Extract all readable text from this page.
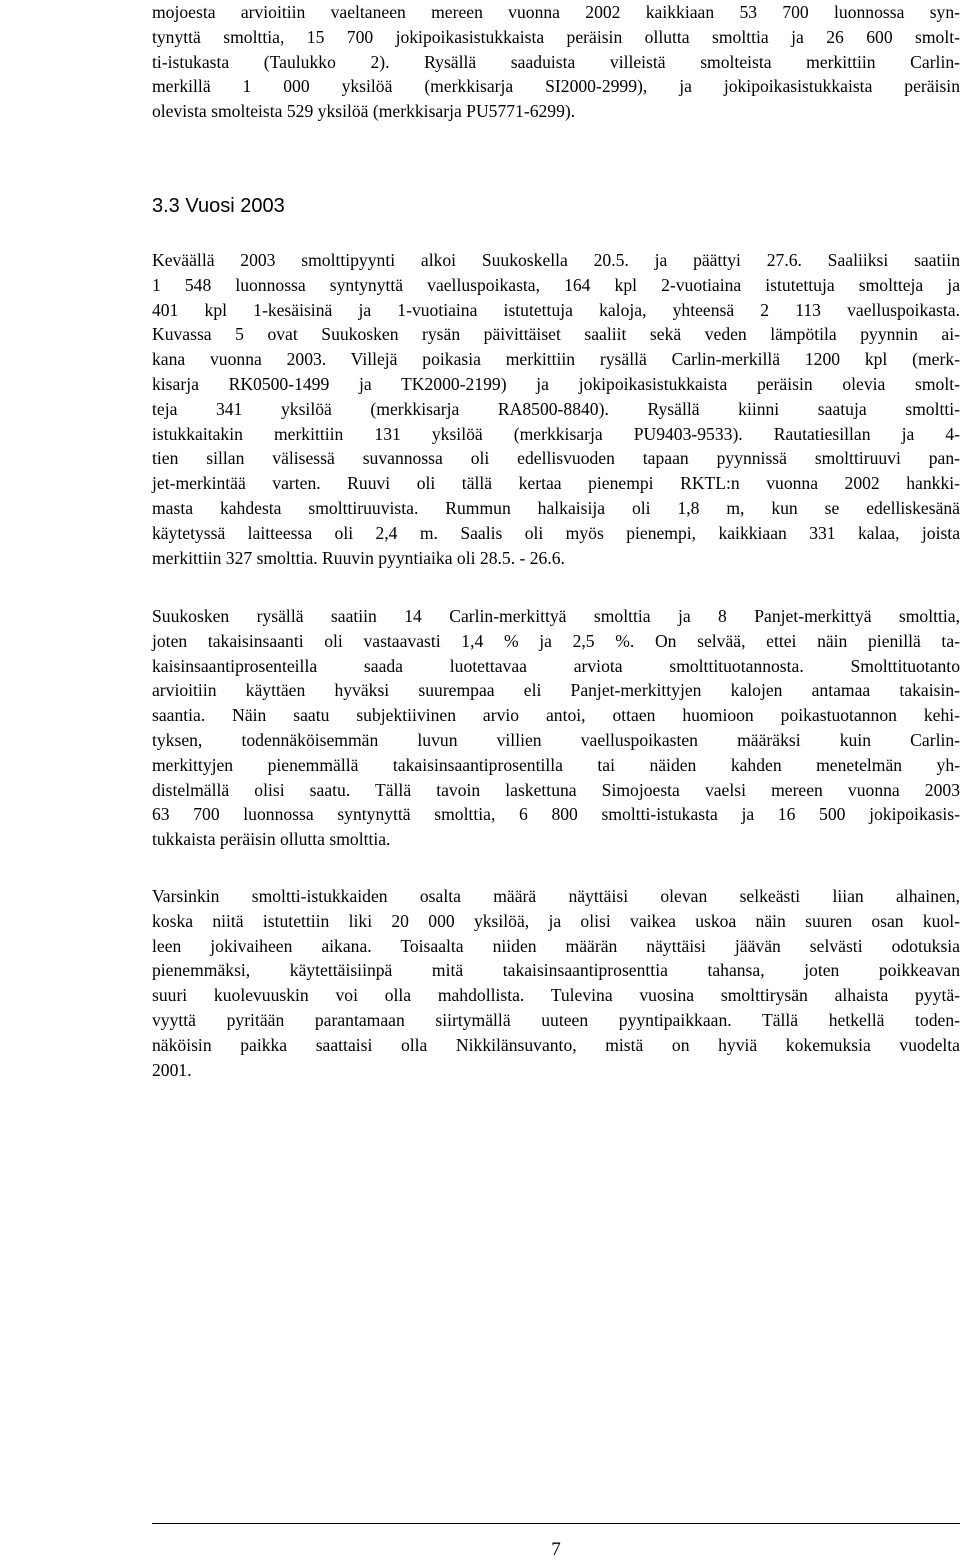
mojoesta arvioitiin vaeltaneen mereen vuonna 2002 kaikkiaan 53 700 luonnossa syn-
tynyttä smolttia, 15 700 jokipoikasistukkaista peräisin ollutta smolttia ja 26 600 smolt-
ti-istukasta (Taulukko 2). Rysällä saaduista villeistä smolteista merkittiin Carlin-
merkillä 1 000 yksilöä (merkkisarja SI2000-2999), ja jokipoikasistukkaista peräisin
olevista smolteista 529 yksilöä (merkkisarja PU5771-6299).
3.3 Vuosi 2003
Keväällä 2003 smolttipyynti alkoi Suukoskella 20.5. ja päättyi 27.6. Saaliiksi saatiin
1 548 luonnossa syntynyttä vaelluspoikasta, 164 kpl 2-vuotiaina istutettuja smoltteja ja
401 kpl 1-kesäisinä ja 1-vuotiaina istutettuja kaloja, yhteensä 2 113 vaelluspoikasta.
Kuvassa 5 ovat Suukosken rysän päivittäiset saaliit sekä veden lämpötila pyynnin ai-
kana vuonna 2003. Villejä poikasia merkittiin rysällä Carlin-merkillä 1200 kpl (merk-
kisarja RK0500-1499 ja TK2000-2199) ja jokipoikasistukkaista peräisin olevia smolt-
teja 341 yksilöä (merkkisarja RA8500-8840). Rysällä kiinni saatuja smoltti-
istukkaitakin merkittiin 131 yksilöä (merkkisarja PU9403-9533). Rautatiesillan ja 4-
tien sillan välisessä suvannossa oli edellisvuoden tapaan pyynnissä smolttiruuvi pan-
jet-merkintää varten. Ruuvi oli tällä kertaa pienempi RKTL:n vuonna 2002 hankki-
masta kahdesta smolttiruuvista. Rummun halkaisija oli 1,8 m, kun se edelliskesänä
käytetyssä laitteessa oli 2,4 m. Saalis oli myös pienempi, kaikkiaan 331 kalaa, joista
merkittiin 327 smolttia. Ruuvin pyyntiaika oli 28.5. - 26.6.
Suukosken rysällä saatiin 14 Carlin-merkittyä smolttia ja 8 Panjet-merkittyä smolttia,
joten takaisinsaanti oli vastaavasti 1,4 % ja 2,5 %. On selvää, ettei näin pienillä ta-
kaisinsaantiprosenteilla saada luotettavaa arviota smolttituotannosta. Smolttituotanto
arvioitiin käyttäen hyväksi suurempaa eli Panjet-merkittyjen kalojen antamaa takaisin-
saantia. Näin saatu subjektiivinen arvio antoi, ottaen huomioon poikastuotannon kehi-
tyksen, todennäköisemmän luvun villien vaelluspoikasten määräksi kuin Carlin-
merkittyjen pienemmällä takaisinsaantiprosentilla tai näiden kahden menetelmän yh-
distelmällä olisi saatu. Tällä tavoin laskettuna Simojoesta vaelsi mereen vuonna 2003
63 700 luonnossa syntynyttä smolttia, 6 800 smoltti-istukasta ja 16 500 jokipoikasis-
tukkaista peräisin ollutta smolttia.
Varsinkin smoltti-istukkaiden osalta määrä näyttäisi olevan selkeästi liian alhainen,
koska niitä istutettiin liki 20 000 yksilöä, ja olisi vaikea uskoa näin suuren osan kuol-
leen jokivaiheen aikana. Toisaalta niiden määrän näyttäisi jäävän selvästi odotuksia
pienemmäksi, käytettäisiinpä mitä takaisinsaantiprosenttia tahansa, joten poikkeavan
suuri kuolevuuskin voi olla mahdollista. Tulevina vuosina smolttirysän alhaista pyytä-
vyyttä pyritään parantamaan siirtymällä uuteen pyyntipaikkaan. Tällä hetkellä toden-
näköisin paikka saattaisi olla Nikkilänsuvanto, mistä on hyviä kokemuksia vuodelta
2001.
7
